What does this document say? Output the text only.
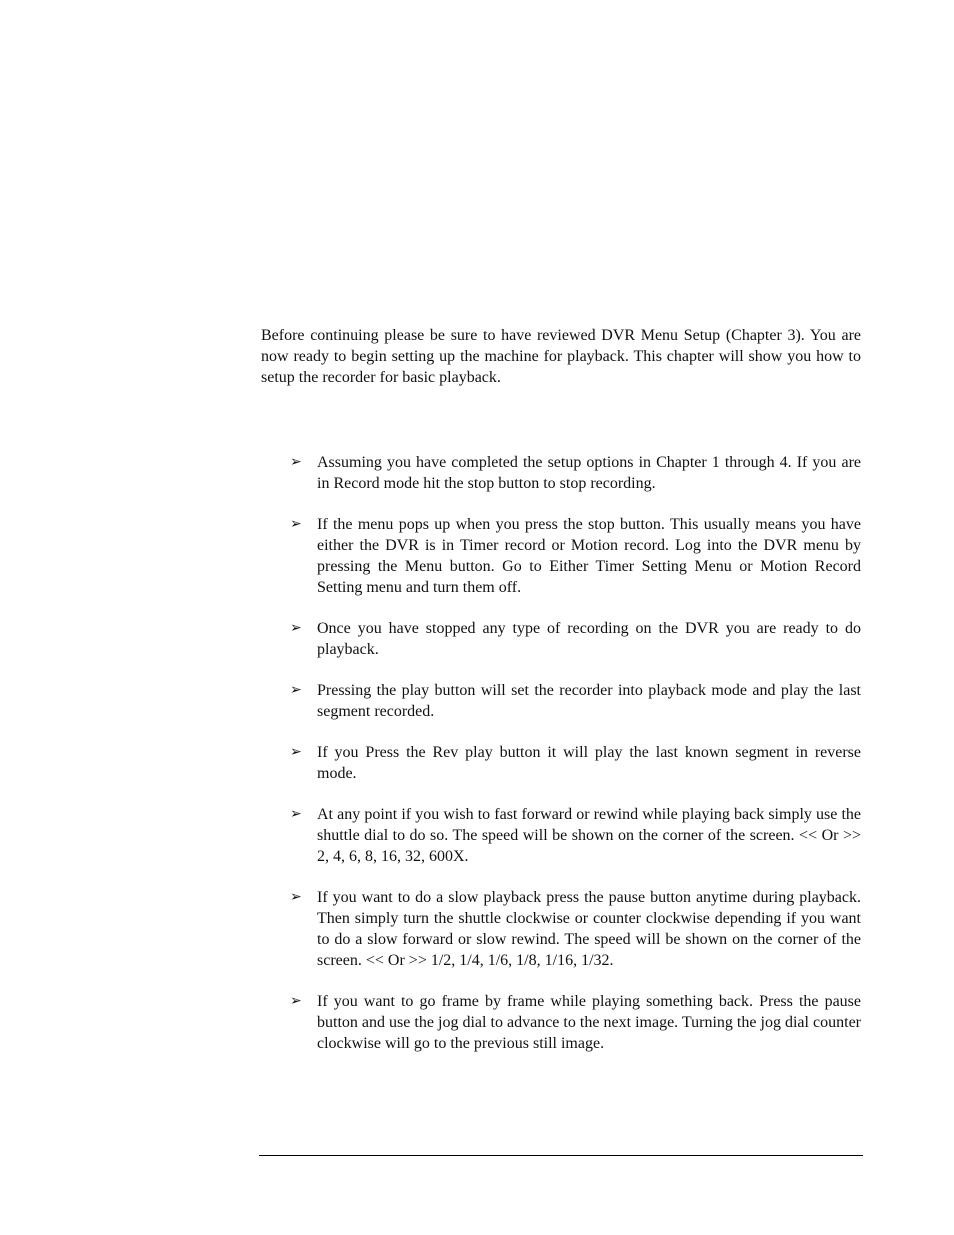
Before continuing please be sure to have reviewed DVR Menu Setup (Chapter 3). You are now ready to begin setting up the machine for playback. This chapter will show you how to setup the recorder for basic playback.

➢ Assuming you have completed the setup options in Chapter 1 through 4. If you are in Record mode hit the stop button to stop recording.
➢ If the menu pops up when you press the stop button. This usually means you have either the DVR is in Timer record or Motion record. Log into the DVR menu by pressing the Menu button. Go to Either Timer Setting Menu or Motion Record Setting menu and turn them off.
➢ Once you have stopped any type of recording on the DVR you are ready to do playback.
➢ Pressing the play button will set the recorder into playback mode and play the last segment recorded.
➢ If you Press the Rev play button it will play the last known segment in reverse mode.
➢ At any point if you wish to fast forward or rewind while playing back simply use the shuttle dial to do so. The speed will be shown on the corner of the screen. << Or >> 2, 4, 6, 8, 16, 32, 600X.
➢ If you want to do a slow playback press the pause button anytime during playback. Then simply turn the shuttle clockwise or counter clockwise depending if you want to do a slow forward or slow rewind. The speed will be shown on the corner of the screen. << Or >> 1/2, 1/4, 1/6, 1/8, 1/16, 1/32.
➢ If you want to go frame by frame while playing something back. Press the pause button and use the jog dial to advance to the next image. Turning the jog dial counter clockwise will go to the previous still image.
